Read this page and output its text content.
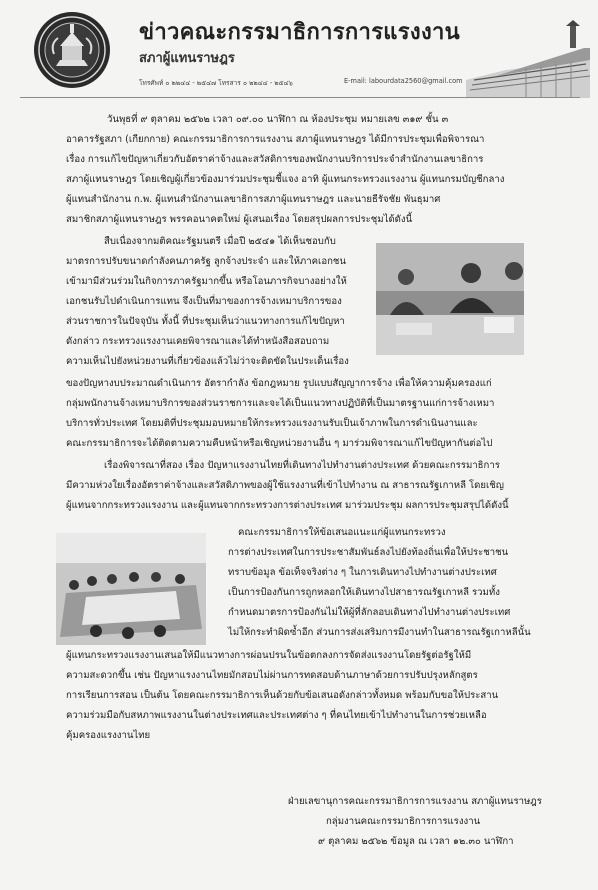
ข่าวคณะกรรมาธิการการแรงงาน
สภาผู้แทนราษฎร
โทรศัพท์ ๐ ๒๒๔๔ - ๒๕๔๗ โทรสาร ๐ ๒๒๔๔ - ๒๕๔๖	E-mail: labourdata2560@gmail.com
วันพุธที่ ๙ ตุลาคม ๒๕๖๒ เวลา ๐๙.๐๐ นาฬิกา ณ ห้องประชุม หมายเลข ๓๑๙ ชั้น ๓
อาคารรัฐสภา (เกียกกาย) คณะกรรมาธิการการแรงงาน สภาผู้แทนราษฎร ได้มีการประชุมเพื่อพิจารณา
เรื่อง การแก้ไขปัญหาเกี่ยวกับอัตราค่าจ้างและสวัสดิการของพนักงานบริการประจำสำนักงานเลขาธิการ
สภาผู้แทนราษฎร โดยเชิญผู้เกี่ยวข้องมาร่วมประชุมชี้แจง อาทิ ผู้แทนกระทรวงแรงงาน ผู้แทนกรมบัญชีกลาง
ผู้แทนสำนักงาน ก.พ. ผู้แทนสำนักงานเลขาธิการสภาผู้แทนราษฎร และนายธีรัจชัย พันธุมาศ
สมาชิกสภาผู้แทนราษฎร พรรคอนาคตใหม่ ผู้เสนอเรื่อง โดยสรุปผลการประชุมได้ดังนี้
สืบเนื่องจากมติคณะรัฐมนตรี เมื่อปี ๒๕๔๑ ได้เห็นชอบกับ
มาตรการปรับขนาดกำลังคนภาครัฐ ลูกจ้างประจำ และให้ภาคเอกชน
เข้ามามีส่วนร่วมในกิจการภาครัฐมากขึ้น หรือโอนภารกิจบางอย่างให้
เอกชนรับไปดำเนินการแทน จึงเป็นที่มาของการจ้างเหมาบริการของ
ส่วนราชการในปัจจุบัน ทั้งนี้ ที่ประชุมเห็นว่าแนวทางการแก้ไขปัญหา
ดังกล่าว กระทรวงแรงงานเคยพิจารณาและได้ทำหนังสือสอบถาม
ความเห็นไปยังหน่วยงานที่เกี่ยวข้องแล้วไม่ว่าจะติดขัดในประเด็นเรื่อง
ของปัญหางบประมาณดำเนินการ อัตรากำลัง ข้อกฎหมาย รูปแบบสัญญาการจ้าง เพื่อให้ความคุ้มครองแก่
กลุ่มพนักงานจ้างเหมาบริการของส่วนราชการและจะได้เป็นแนวทางปฏิบัติที่เป็นมาตรฐานแก่การจ้างเหมา
บริการทั่วประเทศ โดยมติที่ประชุมมอบหมายให้กระทรวงแรงงานรับเป็นเจ้าภาพในการดำเนินงานและ
คณะกรรมาธิการจะได้ติดตามความคืบหน้าหรือเชิญหน่วยงานอื่น ๆ มาร่วมพิจารณาแก้ไขปัญหากันต่อไป
เรื่องพิจารณาที่สอง เรื่อง ปัญหาแรงงานไทยที่เดินทางไปทำงานต่างประเทศ ด้วยคณะกรรมาธิการ
มีความห่วงใยเรื่องอัตราค่าจ้างและสวัสดิภาพของผู้ใช้แรงงานที่เข้าไปทำงาน ณ สาธารณรัฐเกาหลี โดยเชิญ
ผู้แทนจากกระทรวงแรงงาน และผู้แทนจากกระทรวงการต่างประเทศ มาร่วมประชุม ผลการประชุมสรุปได้ดังนี้
คณะกรรมาธิการให้ข้อเสนอแนะแก่ผู้แทนกระทรวง
การต่างประเทศในการประชาสัมพันธ์ลงไปยังท้องถิ่นเพื่อให้ประชาชน
ทราบข้อมูล ข้อเท็จจริงต่าง ๆ ในการเดินทางไปทำงานต่างประเทศ
เป็นการป้องกันการถูกหลอกให้เดินทางไปสาธารณรัฐเกาหลี รวมทั้ง
กำหนดมาตรการป้องกันไม่ให้ผู้ที่ลักลอบเดินทางไปทำงานต่างประเทศ
ไม่ให้กระทำผิดซ้ำอีก ส่วนการส่งเสริมการมีงานทำในสาธารณรัฐเกาหลีนั้น
ผู้แทนกระทรวงแรงงานเสนอให้มีแนวทางการผ่อนปรนในข้อตกลงการจัดส่งแรงงานโดยรัฐต่อรัฐให้มี
ความสะดวกขึ้น เช่น ปัญหาแรงงานไทยมักสอบไม่ผ่านการทดสอบด้านภาษาด้วยการปรับปรุงหลักสูตร
การเรียนการสอน เป็นต้น โดยคณะกรรมาธิการเห็นด้วยกับข้อเสนอดังกล่าวทั้งหมด พร้อมกับขอให้ประสาน
ความร่วมมือกับสหภาพแรงงานในต่างประเทศและประเทศต่าง ๆ ที่คนไทยเข้าไปทำงานในการช่วยเหลือ
คุ้มครองแรงงานไทย
ฝ่ายเลขานุการคณะกรรมาธิการการแรงงาน สภาผู้แทนราษฎร
กลุ่มงานคณะกรรมาธิการการแรงงาน
๙ ตุลาคม ๒๕๖๒ ข้อมูล ณ เวลา ๑๒.๓๐ นาฬิกา
